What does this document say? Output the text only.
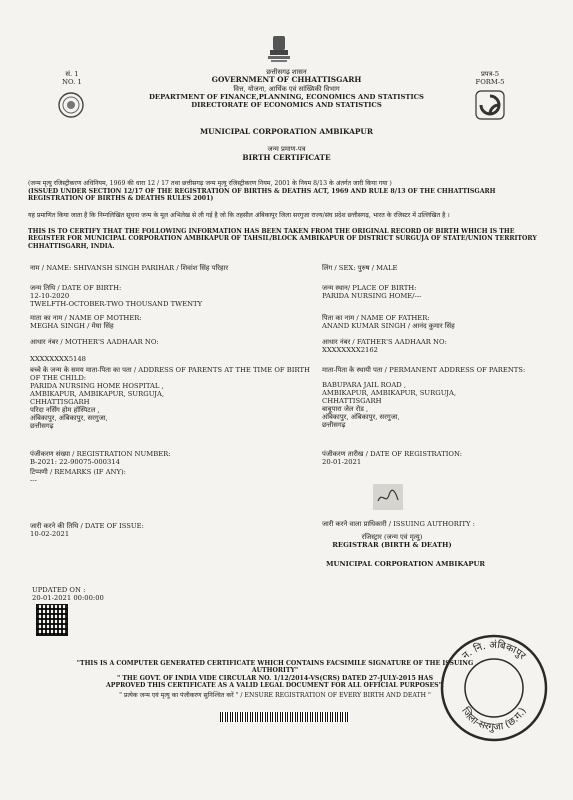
सं. 1
NO. 1
प्रपत्र-5
FORM-5
छत्तीसगढ़ शासन
GOVERNMENT OF CHHATTISGARH
वित्त, योजना, आर्थिक एवं सांख्यिकी विभाग
DEPARTMENT OF FINANCE,PLANNING, ECONOMICS AND STATISTICS
DIRECTORATE OF ECONOMICS AND STATISTICS
MUNICIPAL CORPORATION AMBIKAPUR
जन्म प्रमाण-पत्र
BIRTH CERTIFICATE
(जन्म मृत्यु रजिस्ट्रीकरण अधिनियम, 1969 की धारा 12 / 17 तथा छत्तीसगढ़ जन्म मृत्यु रजिस्ट्रीकरण नियम, 2001 के नियम 8/13 के अंतर्गत जारी किया गया )
(ISSUED UNDER SECTION 12/17 OF THE REGISTRATION OF BIRTHS & DEATHS ACT, 1969 AND RULE 8/13 OF THE CHHATTISGARH REGISTRATION OF BIRTHS & DEATHS RULES 2001)
यह प्रमाणित किया जाता है कि निम्नलिखित सूचना जन्म के मूल अभिलेख से ली गई है जो कि तहसील अंबिकापुर जिला सरगुजा राज्य/संघ प्रदेश छत्तीसगढ़, भारत के रजिस्टर में उल्लिखित है ।
THIS IS TO CERTIFY THAT THE FOLLOWING INFORMATION HAS BEEN TAKEN FROM THE ORIGINAL RECORD OF BIRTH WHICH IS THE REGISTER FOR MUNICIPAL CORPORATION AMBIKAPUR OF TAHSIL/BLOCK AMBIKAPUR OF DISTRICT SURGUJA OF STATE/UNION TERRITORY CHHATTISGARH, INDIA.
नाम / NAME: SHIVANSH SINGH PARIHAR / शिवांश सिंह परिहार	लिंग / SEX: पुरुष / MALE
जन्म तिथि / DATE OF BIRTH:
12-10-2020
TWELFTH-OCTOBER-TWO THOUSAND TWENTY
जन्म स्थान/ PLACE OF BIRTH:
PARIDA NURSING HOME/---
माता का नाम / NAME OF MOTHER:
MEGHA SINGH / मेघा सिंह
पिता का नाम / NAME OF FATHER:
ANAND KUMAR SINGH / आनंद कुमार सिंह
आधार नंबर / MOTHER'S AADHAAR NO:
XXXXXXXX5148
आधार नंबर / FATHER'S AADHAAR NO:
XXXXXXXX2162
बच्चे के जन्म के समय माता-पिता का पता / ADDRESS OF PARENTS AT THE TIME OF BIRTH OF THE CHILD:
PARIDA NURSING HOME HOSPITAL ,
AMBIKAPUR, AMBIKAPUR, SURGUJA,
CHHATTISGARH
परिदा नर्सिंग होम हॉस्पिटल ,
अंबिकापुर, अंबिकापुर, सरगुजा,
छत्तीसगढ़
माता-पिता के स्थायी पता / PERMANENT ADDRESS OF PARENTS:
BABUPARA JAIL ROAD ,
AMBIKAPUR, AMBIKAPUR, SURGUJA,
CHHATTISGARH
बाबूपारा जेल रोड ,
अंबिकापुर, अंबिकापुर, सरगुजा,
छत्तीसगढ़
पंजीकरण संख्या / REGISTRATION NUMBER:
B-2021: 22-90075-000314
टिप्पणी / REMARKS (IF ANY):
---
पंजीकरण तारीख / DATE OF REGISTRATION:
20-01-2021
जारी करने की तिथि / DATE OF ISSUE:
10-02-2021
जारी करने वाला प्राधिकारी / ISSUING AUTHORITY :
रजिस्ट्रार (जन्म एवं मृत्यु)
REGISTRAR (BIRTH & DEATH)
MUNICIPAL CORPORATION AMBIKAPUR
UPDATED ON :
20-01-2021 00:00:00
"THIS IS A COMPUTER GENERATED CERTIFICATE WHICH CONTAINS FACSIMILE SIGNATURE OF THE ISSUING AUTHORITY"
" THE GOVT. OF INDIA VIDE CIRCULAR NO. 1/12/2014-VS(CRS) DATED 27-JULY-2015 HAS
APPROVED THIS CERTIFICATE AS A VALID LEGAL DOCUMENT FOR ALL OFFICIAL PURPOSES".
" प्रत्येक जन्म एवं मृत्यु का पंजीकरण सुनिश्चित करें " / ENSURE REGISTRATION OF EVERY BIRTH AND DEATH "
न. नि. अंबिकापुर
जिला-सरगुजा (छ.ग.)
